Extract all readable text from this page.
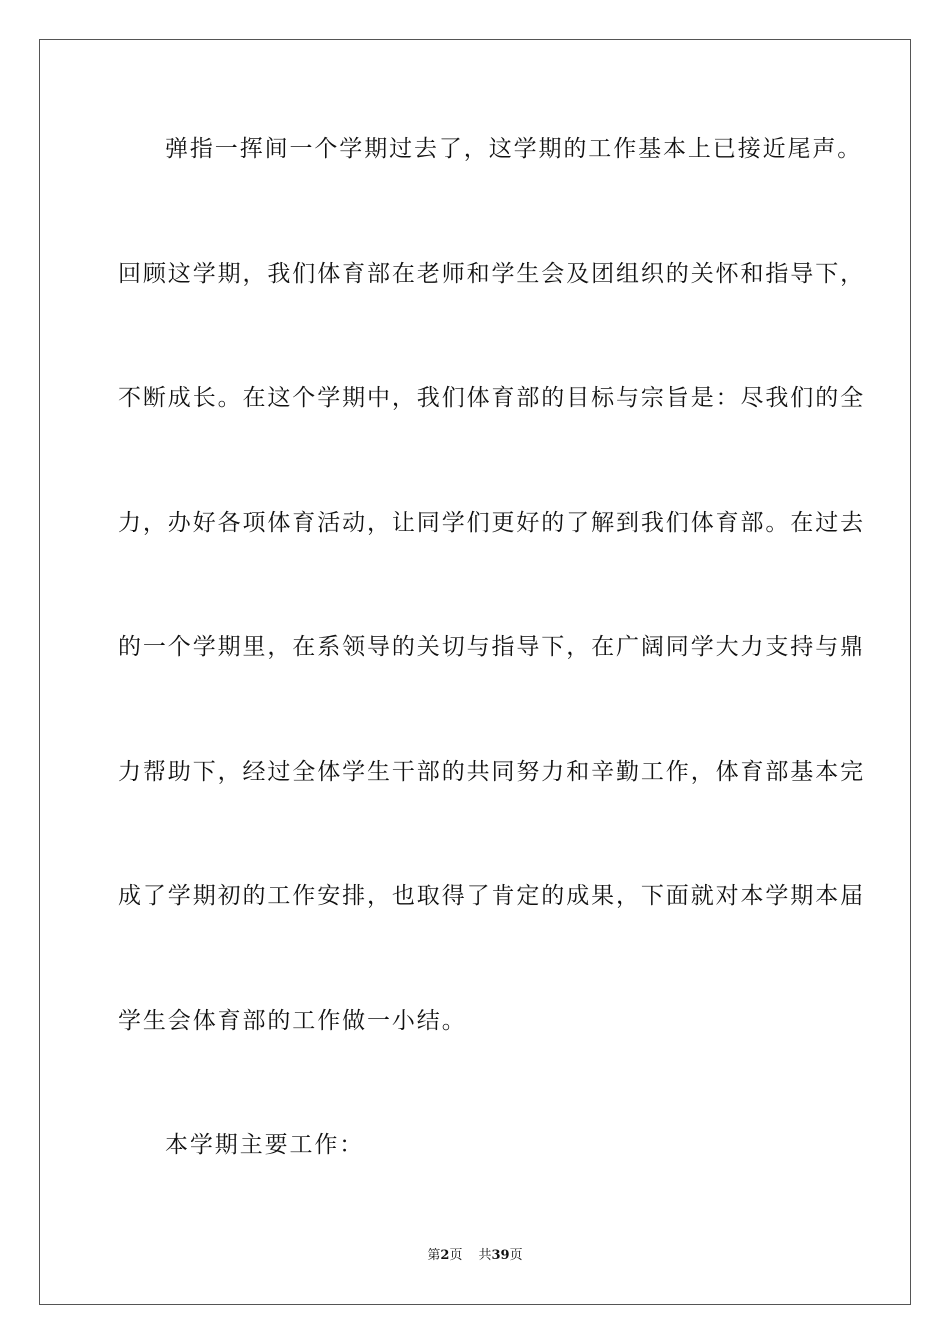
弹指一挥间一个学期过去了，这学期的工作基本上已接近尾声。
回顾这学期，我们体育部在老师和学生会及团组织的关怀和指导下，
不断成长。在这个学期中，我们体育部的目标与宗旨是：尽我们的全
力，办好各项体育活动，让同学们更好的了解到我们体育部。在过去
的一个学期里，在系领导的关切与指导下，在广阔同学大力支持与鼎
力帮助下，经过全体学生干部的共同努力和辛勤工作，体育部基本完
成了学期初的工作安排，也取得了肯定的成果，下面就对本学期本届
学生会体育部的工作做一小结。
本学期主要工作：
第2页 共39页
